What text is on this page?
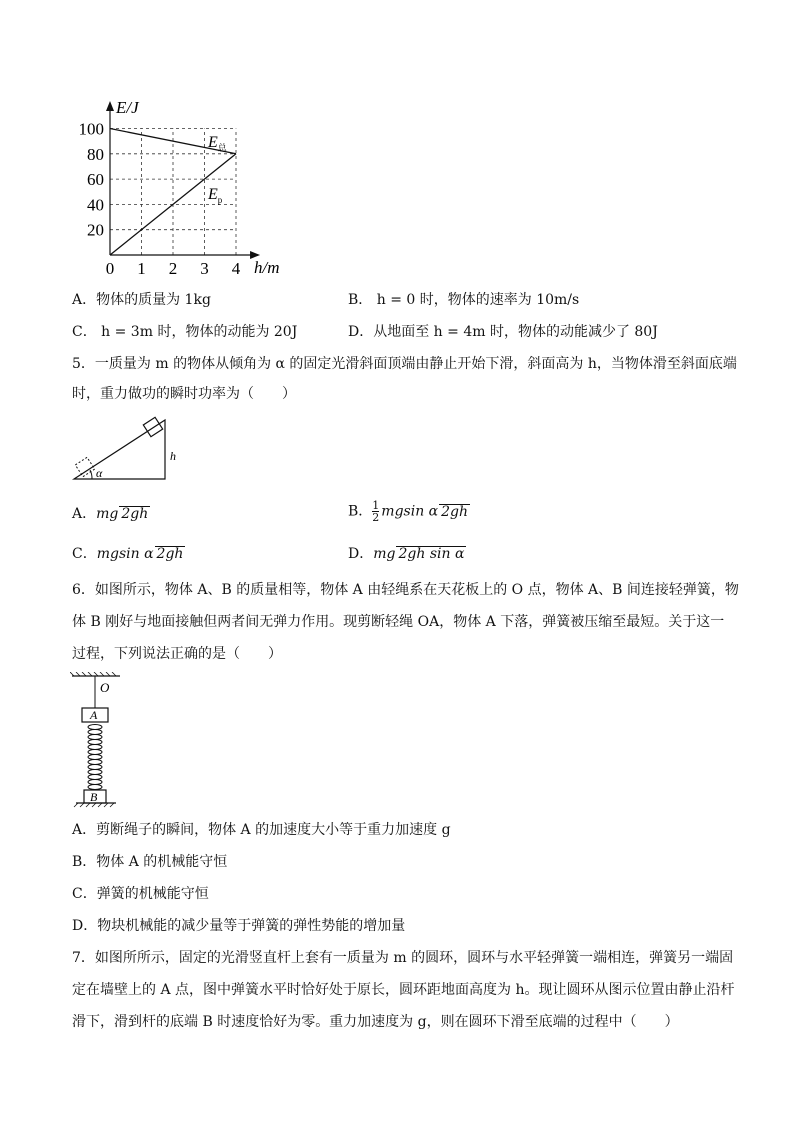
100
80
60
40
20
0 1 2 3 4
E/J
h/m
$E_总$
$E_p$
A．物体的质量为 1kg	B． h = 0 时，物体的速率为 10m/s
C． h = 3m 时，物体的动能为 20J	D．从地面至 h = 4m 时，物体的动能减少了 80J
5．一质量为 m 的物体从倾角为 α 的固定光滑斜面顶端由静止开始下滑，斜面高为 h，当物体滑至斜面底端
时，重力做功的瞬时功率为（　　）
α
h
A．mg 2gh	B． $\frac{1}{2}$ mgsin α 2gh
C．mgsin α 2gh	D．mg 2gh sin α
6．如图所示，物体 A、B 的质量相等，物体 A 由轻绳系在天花板上的 O 点，物体 A、B 间连接轻弹簧，物
体 B 刚好与地面接触但两者间无弹力作用。现剪断轻绳 OA，物体 A 下落，弹簧被压缩至最短。关于这一
过程，下列说法正确的是（　　）
O
A
B
A．剪断绳子的瞬间，物体 A 的加速度大小等于重力加速度 g
B．物体 A 的机械能守恒
C．弹簧的机械能守恒
D．物块机械能的减少量等于弹簧的弹性势能的增加量
7．如图所所示，固定的光滑竖直杆上套有一质量为 m 的圆环，圆环与水平轻弹簧一端相连，弹簧另一端固
定在墙壁上的 A 点，图中弹簧水平时恰好处于原长，圆环距地面高度为 h。现让圆环从图示位置由静止沿杆
滑下，滑到杆的底端 B 时速度恰好为零。重力加速度为 g，则在圆环下滑至底端的过程中（　　）
